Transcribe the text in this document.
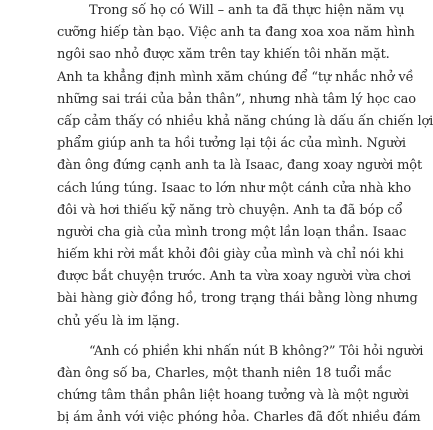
Trong số họ có Will – anh ta đã thực hiện năm vụ
cưỡng hiếp tàn bạo. Việc anh ta đang xoa xoa năm hình
ngôi sao nhỏ được xăm trên tay khiến tôi nhăn mặt.
Anh ta khẳng định mình xăm chúng để “tự nhắc nhở về
những sai trái của bản thân”, nhưng nhà tâm lý học cao
cấp cảm thấy có nhiều khả năng chúng là dấu ấn chiến lợi
phẩm giúp anh ta hồi tưởng lại tội ác của mình. Người
đàn ông đứng cạnh anh ta là Isaac, đang xoay người một
cách lúng túng. Isaac to lớn như một cánh cửa nhà kho
đôi và hơi thiếu kỹ năng trò chuyện. Anh ta đã bóp cổ
người cha già của mình trong một lần loạn thần. Isaac
hiếm khi rời mắt khỏi đôi giày của mình và chỉ nói khi
được bắt chuyện trước. Anh ta vừa xoay người vừa chơi
bài hàng giờ đồng hồ, trong trạng thái bằng lòng nhưng
chủ yếu là im lặng.
“Anh có phiền khi nhấn nút B không?” Tôi hỏi người
đàn ông số ba, Charles, một thanh niên 18 tuổi mắc
chứng tâm thần phân liệt hoang tưởng và là một người
bị ám ảnh với việc phóng hỏa. Charles đã đốt nhiều đám
